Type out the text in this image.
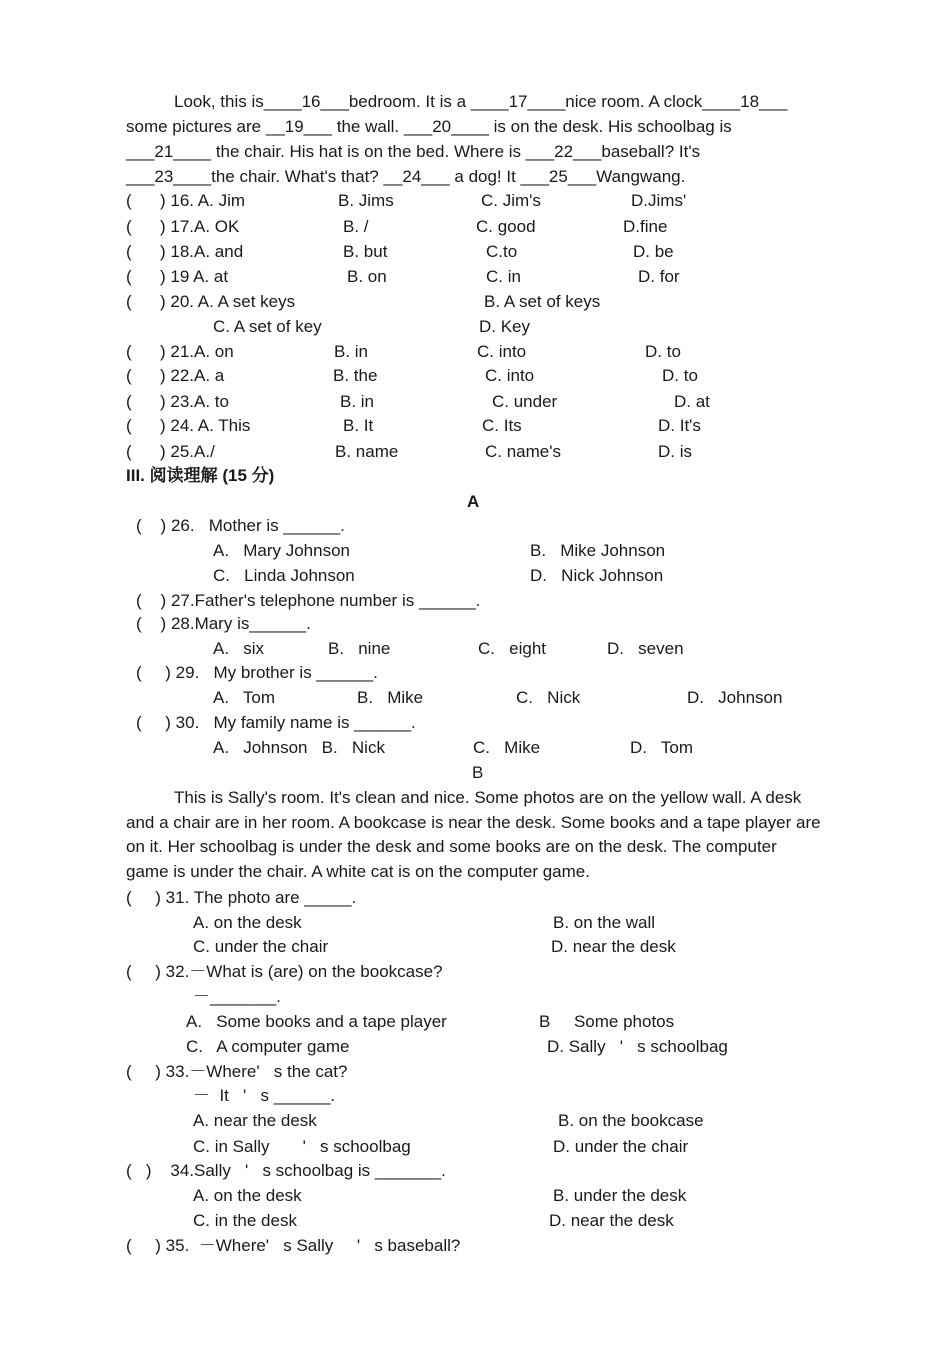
Look, this is____16___bedroom. It is a ____17____nice room. A clock____18___
some pictures are __19___ the wall. ___20____ is on the desk. His schoolbag is
___21____ the chair. His hat is on the bed. Where is ___22___baseball? It's
___23____the chair. What's that? __24___ a dog! It ___25___Wangwang.
(      ) 16. A. Jim	B. Jims	C. Jim's	D.Jims'
(      ) 17.A. OK	B. /	C. good	D.fine
(      ) 18.A. and	B. but	C.to	D. be
(      ) 19 A. at	B. on	C. in	D. for
(      ) 20. A. A set keys	B. A set of keys
C. A set of key	D. Key
(      ) 21.A. on	B. in	C. into	D. to
(      ) 22.A. a	B. the	C. into	D. to
(      ) 23.A. to	B. in	C. under	D. at
(      ) 24. A. This	B. It	C. Its	D. It's
(      ) 25.A./	B. name	C. name's	D. is
III. 阅读理解 (15 分)
A
(    ) 26.   Mother is ______.
A.   Mary Johnson	B.   Mike Johnson
C.   Linda Johnson	D.   Nick Johnson
(    ) 27.Father's telephone number is ______.
(    ) 28.Mary is______.
A.   six	B.   nine	C.   eight	D.   seven
(     ) 29.   My brother is ______.
A.   Tom	B.   Mike	C.   Nick	D.   Johnson
(     ) 30.   My family name is ______.
A.   Johnson   B.   Nick	C.   Mike	D.   Tom
B
This is Sally's room. It's clean and nice. Some photos are on the yellow wall. A desk
and a chair are in her room. A bookcase is near the desk. Some books and a tape player are
on it. Her schoolbag is under the desk and some books are on the desk. The computer
game is under the chair. A white cat is on the computer game.
(     ) 31. The photo are _____.
A. on the desk	B. on the wall
C. under the chair	D. near the desk
(     ) 32.－What is (are) on the bookcase?
－_______.
A.   Some books and a tape player	B     Some photos
C.   A computer game	D. Sally   '   s schoolbag
(     ) 33.－Where'   s the cat?
－  It   '   s ______.
A. near the desk	B. on the bookcase
C. in Sally       '   s schoolbag	D. under the chair
(   )    34.Sally   '   s schoolbag is _______.
A. on the desk	B. under the desk
C. in the desk	D. near the desk
(     ) 35.  －Where'   s Sally     '   s baseball?
